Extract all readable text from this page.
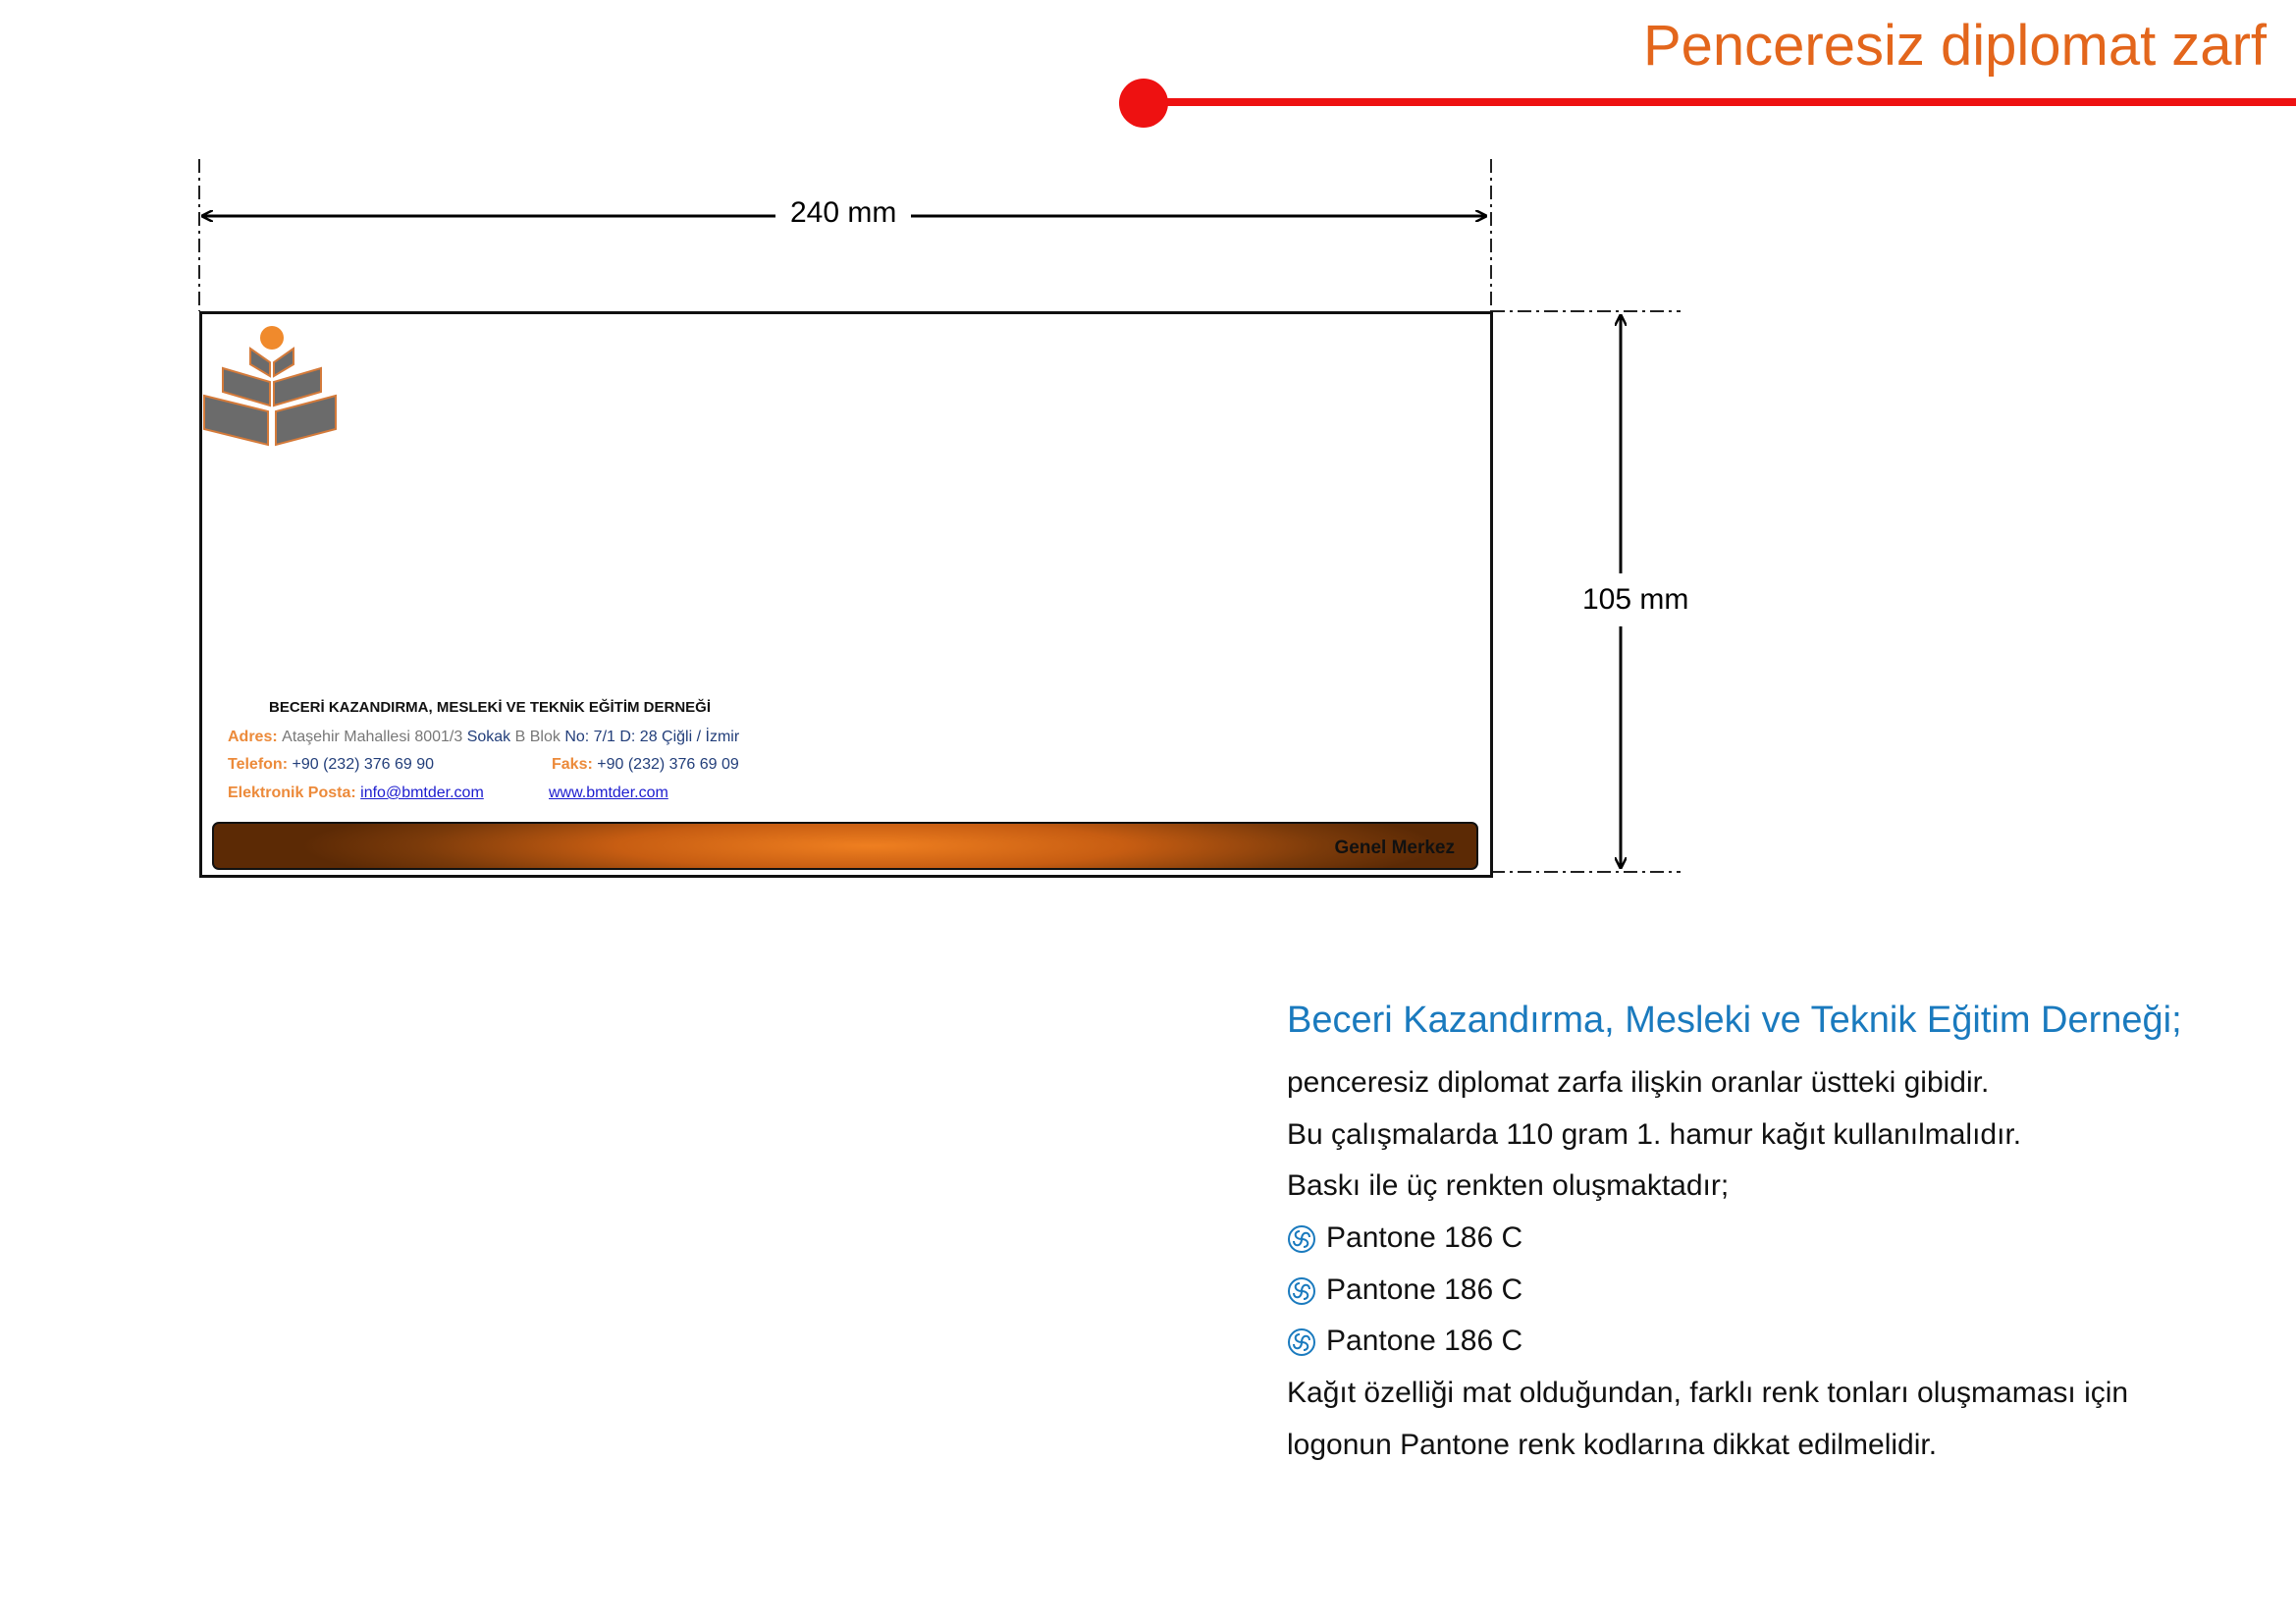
Penceresiz diplomat zarf
240 mm
105 mm
BECERİ KAZANDIRMA, MESLEKİ VE TEKNİK EĞİTİM DERNEĞİ
Adres: Ataşehir Mahallesi 8001/3 Sokak B Blok No: 7/1 D: 28 Çiğli / İzmir
Telefon: +90 (232) 376 69 90	Faks: +90 (232) 376 69 09
Elektronik Posta: info@bmtder.com	www.bmtder.com
Genel Merkez
Beceri Kazandırma, Mesleki ve Teknik Eğitim Derneği;
penceresiz diplomat zarfa ilişkin oranlar üstteki gibidir.
Bu çalışmalarda 110 gram 1. hamur kağıt kullanılmalıdır.
Baskı ile üç renkten oluşmaktadır;
Pantone 186 C
Pantone 186 C
Pantone 186 C
Kağıt özelliği mat olduğundan, farklı renk tonları oluşmaması için
logonun Pantone renk kodlarına dikkat edilmelidir.
